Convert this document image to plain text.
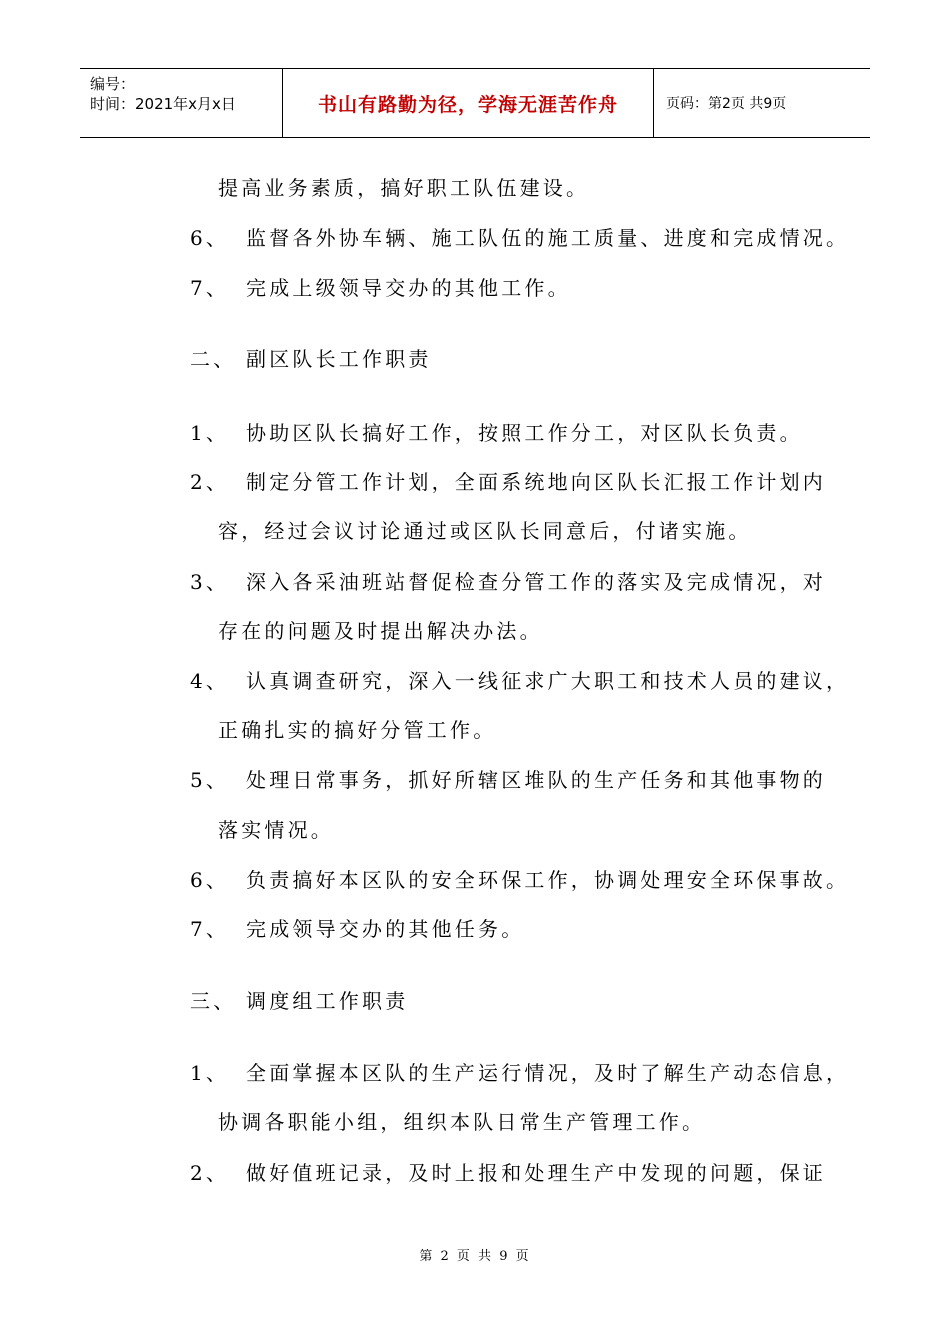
编号：
时间：2021年x月x日	书山有路勤为径，学海无涯苦作舟	页码：第2页 共9页
提高业务素质，搞好职工队伍建设。
6、 监督各外协车辆、施工队伍的施工质量、进度和完成情况。
7、 完成上级领导交办的其他工作。
二、 副区队长工作职责
1、 协助区队长搞好工作，按照工作分工，对区队长负责。
2、 制定分管工作计划，全面系统地向区队长汇报工作计划内
容，经过会议讨论通过或区队长同意后，付诸实施。
3、 深入各采油班站督促检查分管工作的落实及完成情况，对
存在的问题及时提出解决办法。
4、 认真调查研究，深入一线征求广大职工和技术人员的建议，
正确扎实的搞好分管工作。
5、 处理日常事务，抓好所辖区堆队的生产任务和其他事物的
落实情况。
6、 负责搞好本区队的安全环保工作，协调处理安全环保事故。
7、 完成领导交办的其他任务。
三、 调度组工作职责
1、 全面掌握本区队的生产运行情况，及时了解生产动态信息，
协调各职能小组，组织本队日常生产管理工作。
2、 做好值班记录，及时上报和处理生产中发现的问题，保证
第 2 页 共 9 页
